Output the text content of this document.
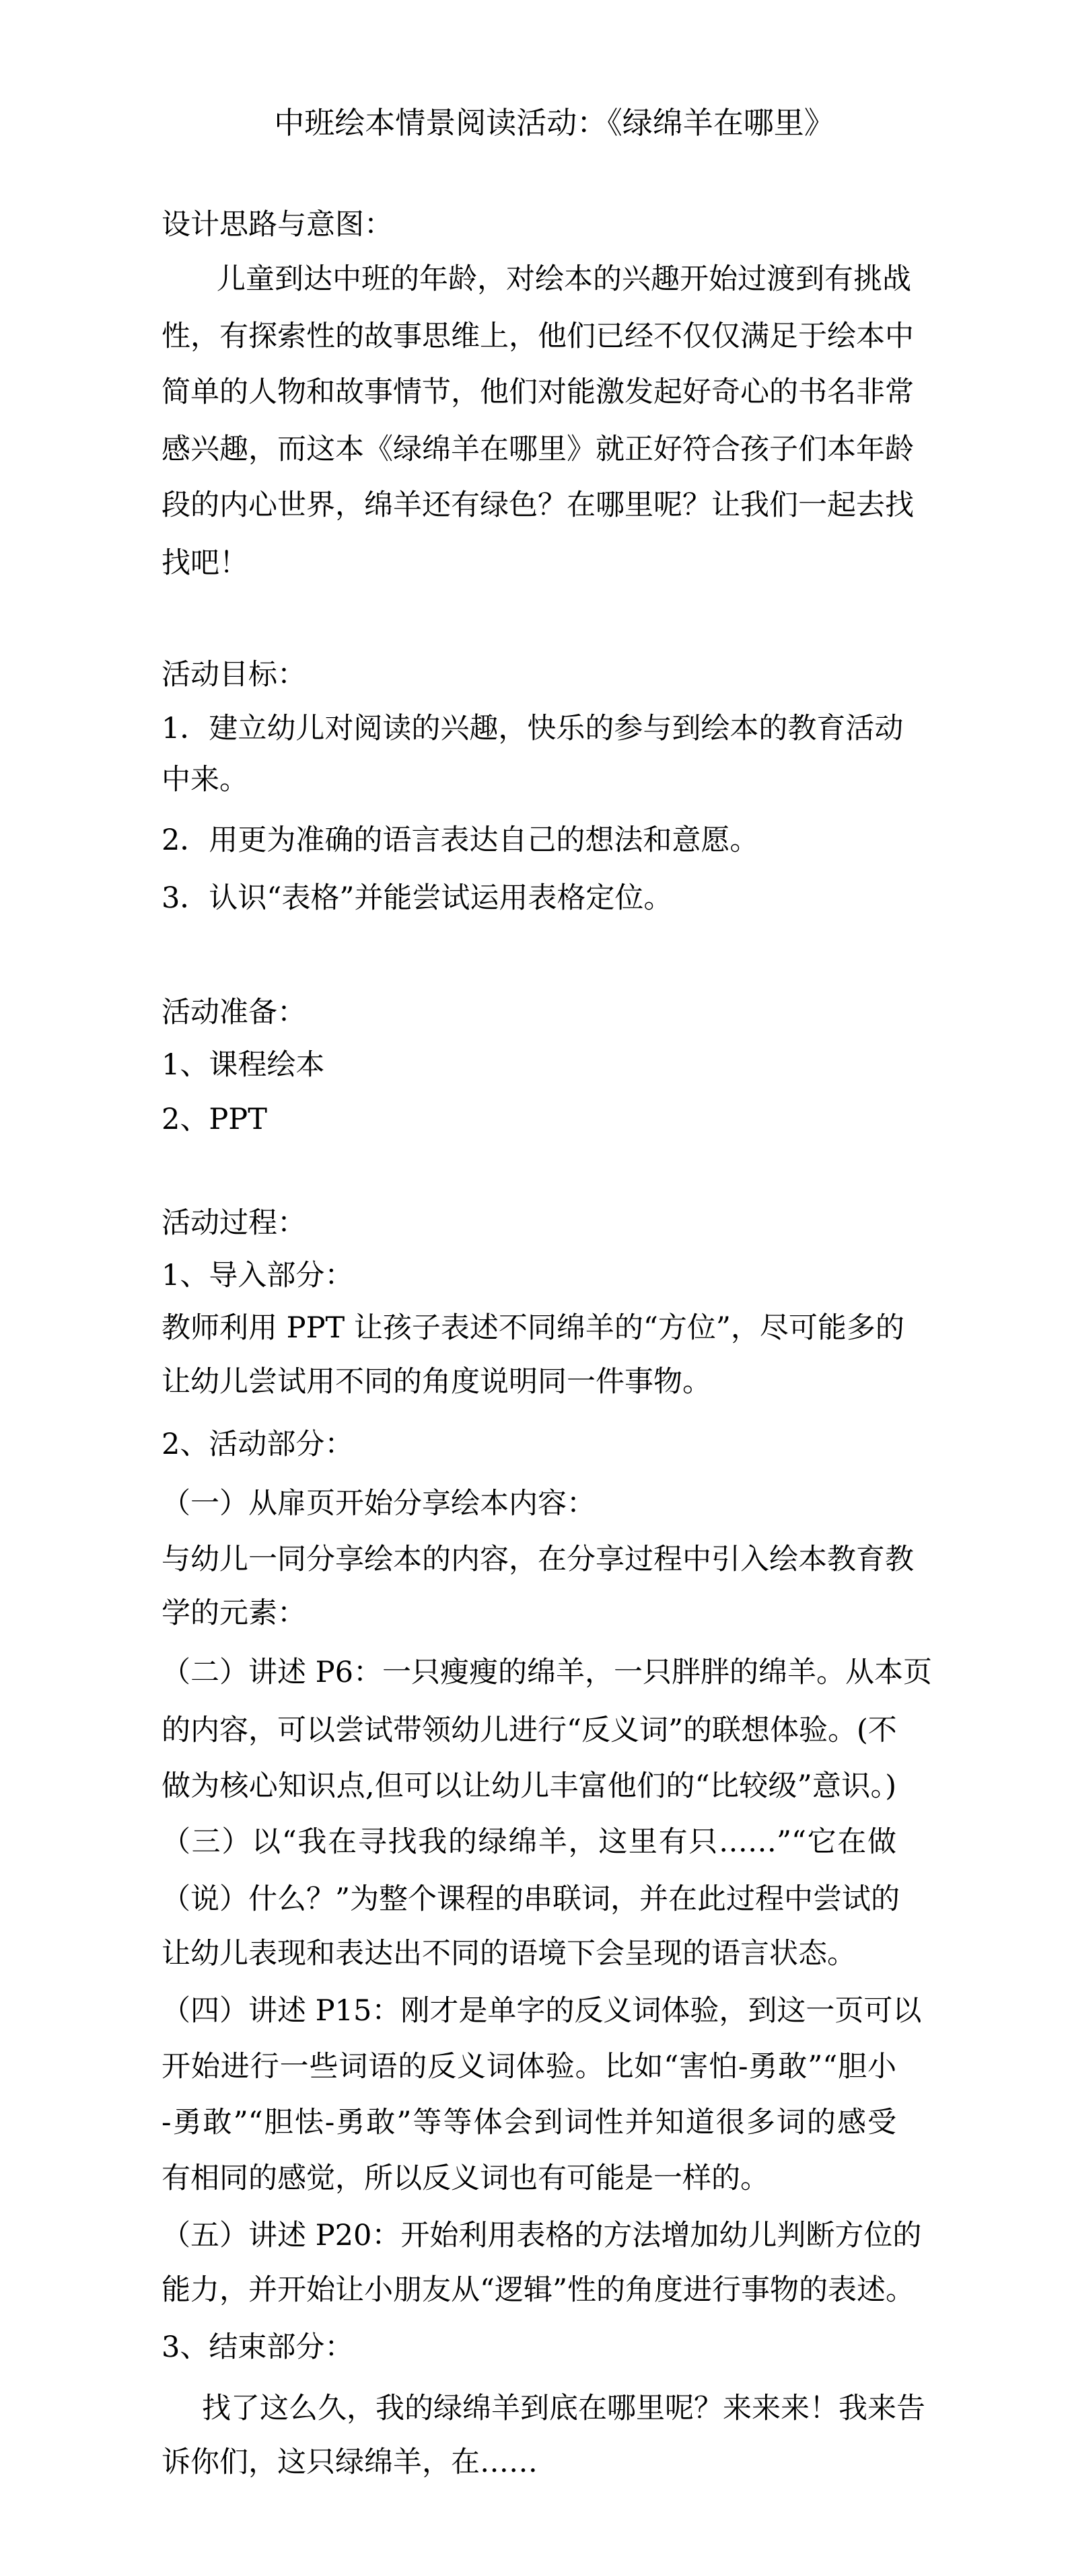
中班绘本情景阅读活动：《绿绵羊在哪里》
设计思路与意图：
儿童到达中班的年龄，对绘本的兴趣开始过渡到有挑战
性，有探索性的故事思维上，他们已经不仅仅满足于绘本中
简单的人物和故事情节，他们对能激发起好奇心的书名非常
感兴趣，而这本《绿绵羊在哪里》就正好符合孩子们本年龄
段的内心世界，绵羊还有绿色？在哪里呢？让我们一起去找
找吧！
活动目标：
1．建立幼儿对阅读的兴趣，快乐的参与到绘本的教育活动
中来。
2．用更为准确的语言表达自己的想法和意愿。
3．认识“表格”并能尝试运用表格定位。
活动准备：
1、课程绘本
2、PPT
活动过程：
1、导入部分：
教师利用 PPT 让孩子表述不同绵羊的“方位”，尽可能多的
让幼儿尝试用不同的角度说明同一件事物。
2、活动部分：
（一）从扉页开始分享绘本内容：
与幼儿一同分享绘本的内容，在分享过程中引入绘本教育教
学的元素：
（二）讲述 P6：一只瘦瘦的绵羊，一只胖胖的绵羊。从本页
的内容，可以尝试带领幼儿进行“反义词”的联想体验。(不
做为核心知识点,但可以让幼儿丰富他们的“比较级”意识。)
（三）以“我在寻找我的绿绵羊，这里有只……”“它在做
（说）什么？”为整个课程的串联词，并在此过程中尝试的
让幼儿表现和表达出不同的语境下会呈现的语言状态。
（四）讲述 P15：刚才是单字的反义词体验，到这一页可以
开始进行一些词语的反义词体验。比如“害怕-勇敢”“胆小
-勇敢”“胆怯-勇敢”等等体会到词性并知道很多词的感受
有相同的感觉，所以反义词也有可能是一样的。
（五）讲述 P20：开始利用表格的方法增加幼儿判断方位的
能力，并开始让小朋友从“逻辑”性的角度进行事物的表述。
3、结束部分：
找了这么久，我的绿绵羊到底在哪里呢？来来来！我来告
诉你们，这只绿绵羊，在……
